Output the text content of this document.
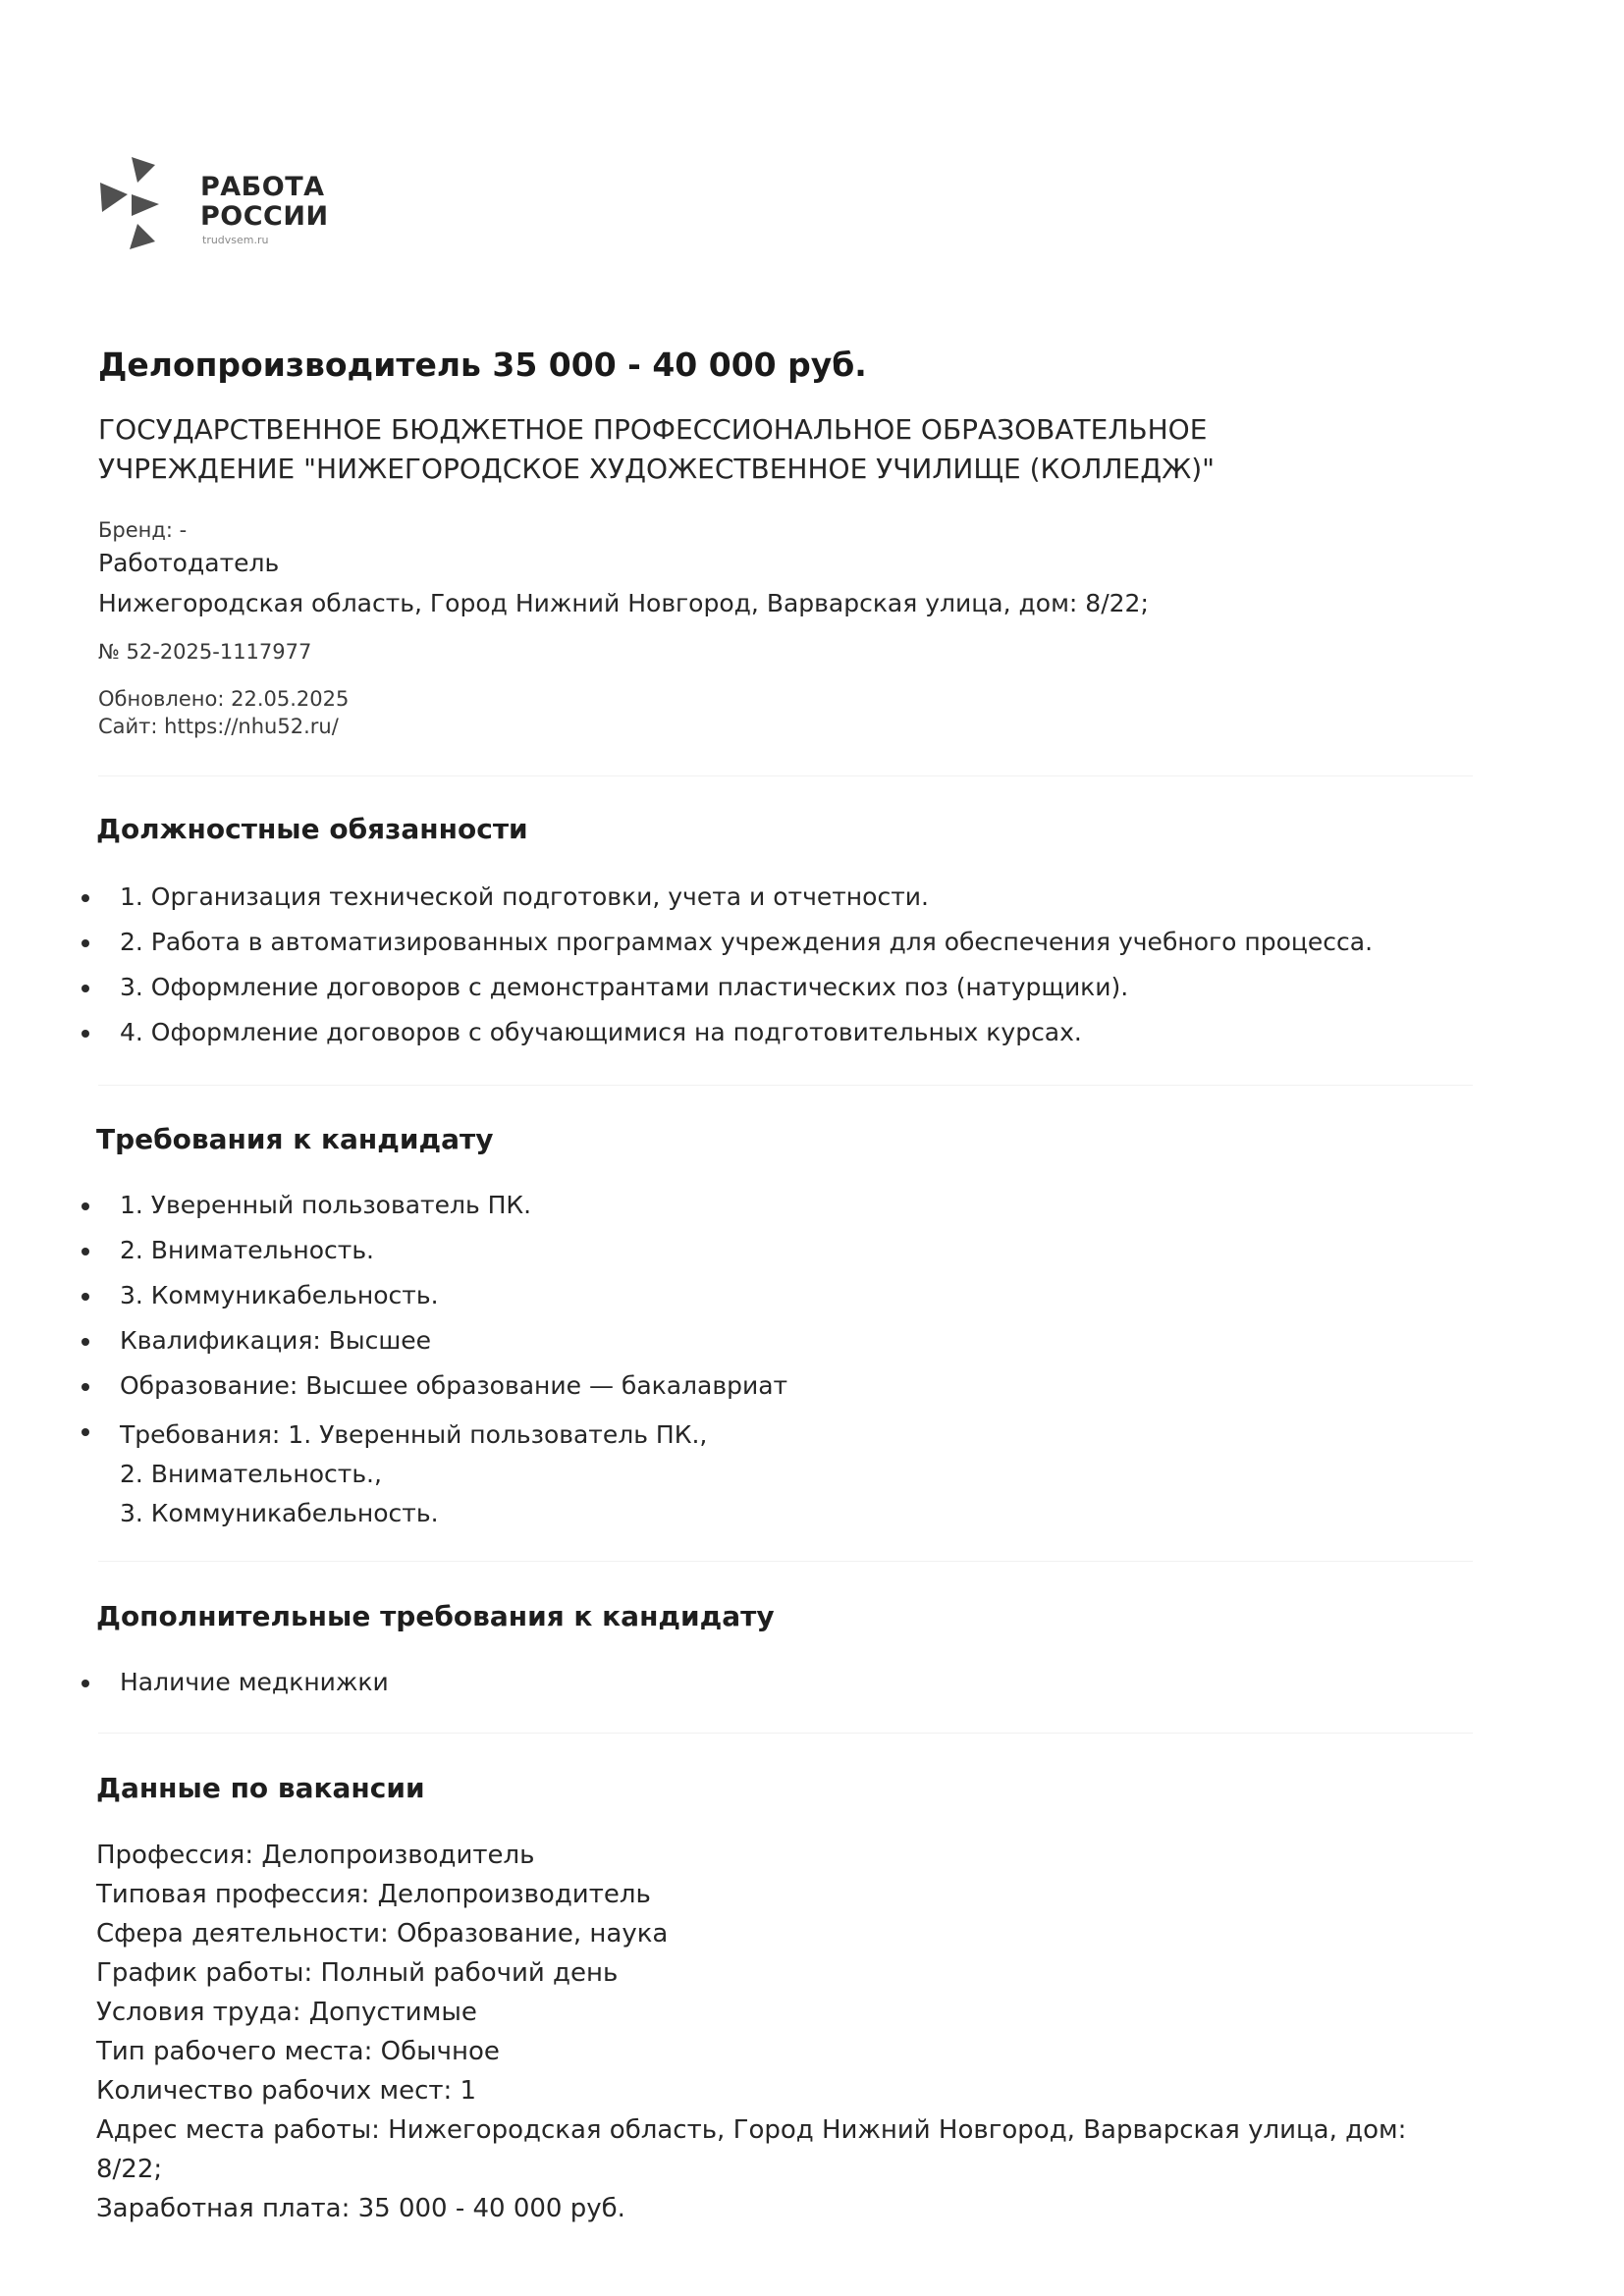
РАБОТА
РОССИИ
trudvsem.ru
Делопроизводитель 35 000 - 40 000 руб.
ГОСУДАРСТВЕННОЕ БЮДЖЕТНОЕ ПРОФЕССИОНАЛЬНОЕ ОБРАЗОВАТЕЛЬНОЕ
УЧРЕЖДЕНИЕ "НИЖЕГОРОДСКОЕ ХУДОЖЕСТВЕННОЕ УЧИЛИЩЕ (КОЛЛЕДЖ)"
Бренд: -
Работодатель
Нижегородская область, Город Нижний Новгород, Варварская улица, дом: 8/22;
№ 52-2025-1117977
Обновлено: 22.05.2025
Сайт: https://nhu52.ru/
Должностные обязанности
1. Организация технической подготовки, учета и отчетности.
2. Работа в автоматизированных программах учреждения для обеспечения учебного процесса.
3. Оформление договоров с демонстрантами пластических поз (натурщики).
4. Оформление договоров с обучающимися на подготовительных курсах.
Требования к кандидату
1. Уверенный пользователь ПК.
2. Внимательность.
3. Коммуникабельность.
Квалификация: Высшее
Образование: Высшее образование — бакалавриат
Требования: 1. Уверенный пользователь ПК.,
2. Внимательность.,
3. Коммуникабельность.
Дополнительные требования к кандидату
Наличие медкнижки
Данные по вакансии
Профессия: Делопроизводитель
Типовая профессия: Делопроизводитель
Сфера деятельности: Образование, наука
График работы: Полный рабочий день
Условия труда: Допустимые
Тип рабочего места: Обычное
Количество рабочих мест: 1
Адрес места работы: Нижегородская область, Город Нижний Новгород, Варварская улица, дом:
8/22;
Заработная плата: 35 000 - 40 000 руб.
